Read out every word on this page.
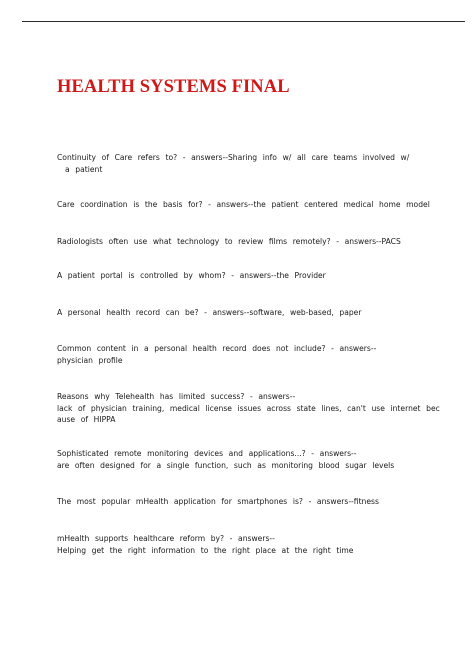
HEALTH SYSTEMS FINAL

Continuity of Care refers to? - answers--Sharing info w/ all care teams involved w/
a patient

Care coordination is the basis for? - answers--the patient centered medical home model

Radiologists often use what technology to review films remotely? - answers--PACS

A patient portal is controlled by whom? - answers--the Provider

A personal health record can be? - answers--software, web-based, paper

Common content in a personal health record does not include? - answers--
physician profile

Reasons why Telehealth has limited success? - answers--
lack of physician training, medical license issues across state lines, can't use internet bec
ause of HIPPA

Sophisticated remote monitoring devices and applications...? - answers--
are often designed for a single function, such as monitoring blood sugar levels

The most popular mHealth application for smartphones is? - answers--fitness

mHealth supports healthcare reform by? - answers--
Helping get the right information to the right place at the right time
